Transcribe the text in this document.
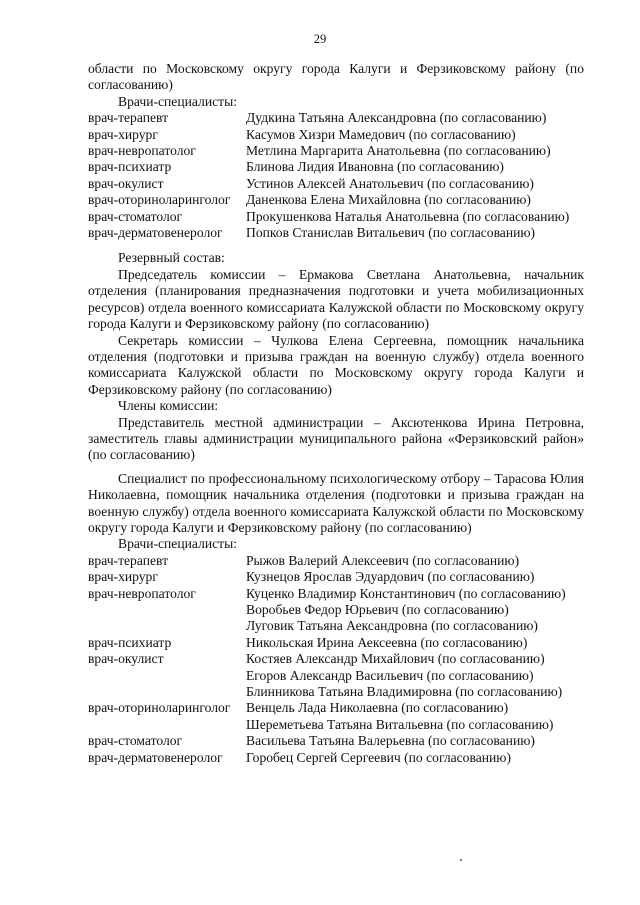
29
области по Московскому округу города Калуги и Ферзиковскому району (по согласованию)
Врачи-специалисты:
врач-терапевт	Дудкина Татьяна Александровна (по согласованию)
врач-хирург	Касумов Хизри Мамедович (по согласованию)
врач-невропатолог	Метлина Маргарита Анатольевна (по согласованию)
врач-психиатр	Блинова Лидия Ивановна (по согласованию)
врач-окулист	Устинов Алексей Анатольевич (по согласованию)
врач-оториноларинголог	Даненкова Елена Михайловна (по согласованию)
врач-стоматолог	Прокушенкова Наталья Анатольевна (по согласованию)
врач-дерматовенеролог	Попков Станислав Витальевич (по согласованию)
Резервный состав:
Председатель комиссии – Ермакова Светлана Анатольевна, начальник отделения (планирования предназначения подготовки и учета мобилизационных ресурсов) отдела военного комиссариата Калужской области по Московскому округу города Калуги и Ферзиковскому району (по согласованию)
Секретарь комиссии – Чулкова Елена Сергеевна, помощник начальника отделения (подготовки и призыва граждан на военную службу) отдела военного комиссариата Калужской области по Московскому округу города Калуги и Ферзиковскому району (по согласованию)
Члены комиссии:
Представитель местной администрации – Аксютенкова Ирина Петровна, заместитель главы администрации муниципального района «Ферзиковский район» (по согласованию)
Специалист по профессиональному психологическому отбору – Тарасова Юлия Николаевна, помощник начальника отделения (подготовки и призыва граждан на военную службу) отдела военного комиссариата Калужской области по Московскому округу города Калуги и Ферзиковскому району (по согласованию)
Врачи-специалисты:
врач-терапевт	Рыжов Валерий Алексеевич (по согласованию)
врач-хирург	Кузнецов Ярослав Эдуардович (по согласованию)
врач-невропатолог	Куценко Владимир Константинович (по согласованию)
Воробьев Федор Юрьевич (по согласованию)
Луговик Татьяна Аександровна (по согласованию)
врач-психиатр	Никольская Ирина Аексеевна (по согласованию)
врач-окулист	Костяев Александр Михайлович (по согласованию)
Егоров Александр Васильевич (по согласованию)
Блинникова Татьяна Владимировна (по согласованию)
врач-оториноларинголог	Венцель Лада Николаевна (по согласованию)
Шереметьева Татьяна Витальевна (по согласованию)
врач-стоматолог	Васильева Татьяна Валерьевна (по согласованию)
врач-дерматовенеролог	Горобец Сергей Сергеевич (по согласованию)
